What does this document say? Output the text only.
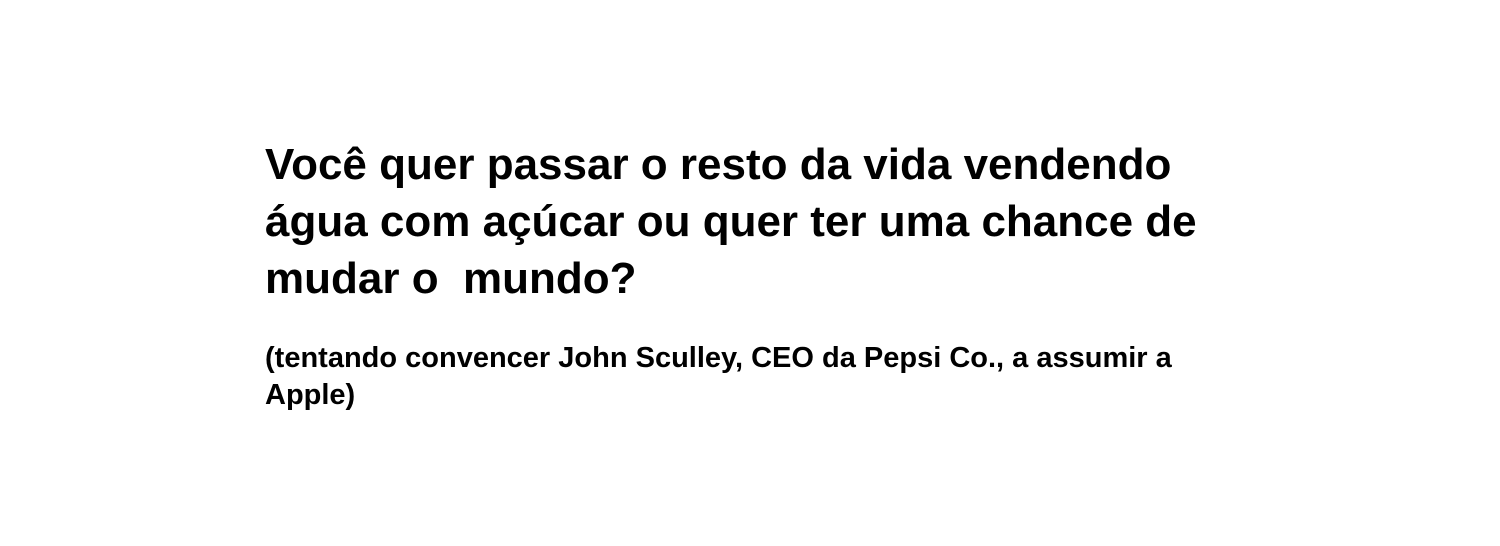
Você quer passar o resto da vida vendendo
água com açúcar ou quer ter uma chance de
mudar o  mundo?
(tentando convencer John Sculley, CEO da Pepsi Co., a assumir a
Apple)
